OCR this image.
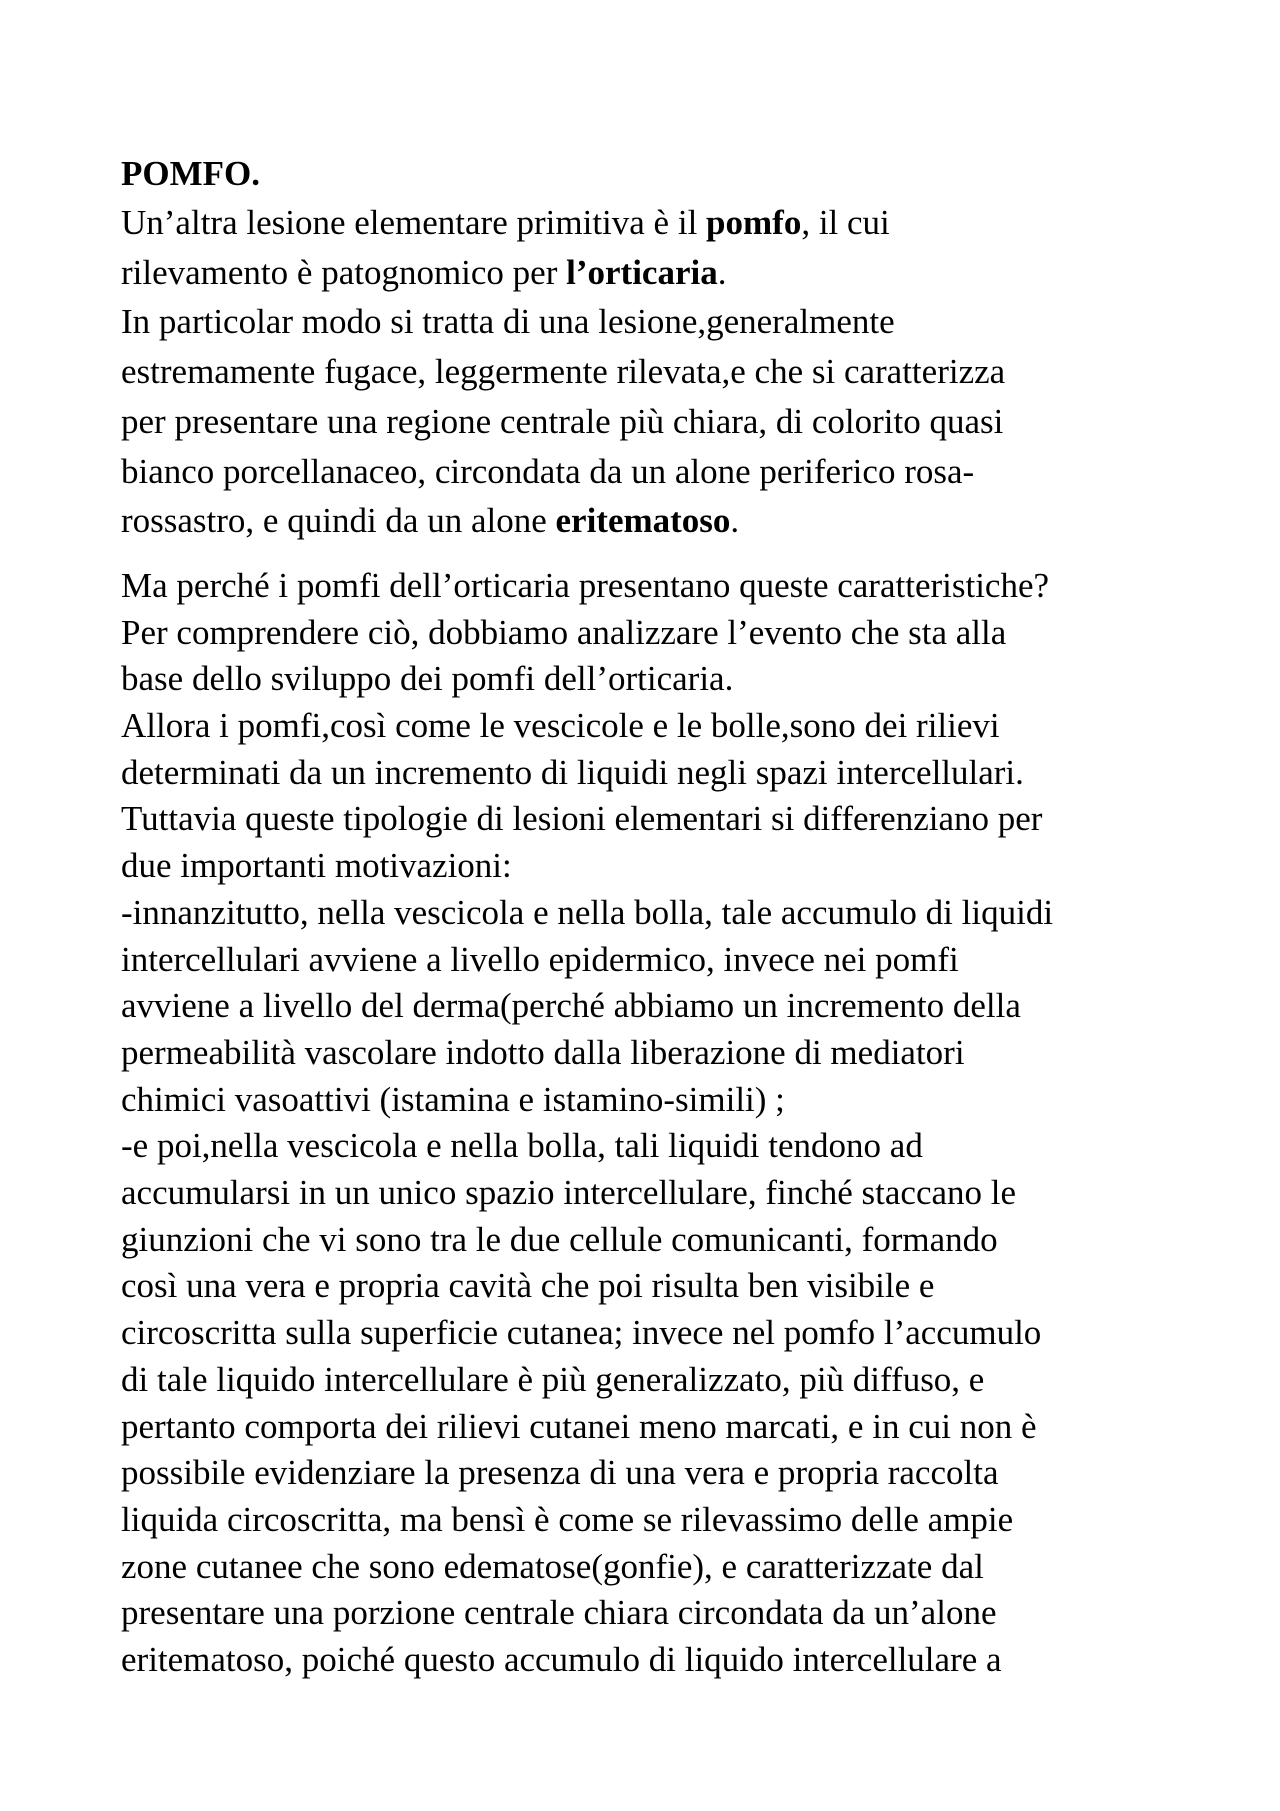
POMFO.
Un’altra lesione elementare primitiva è il pomfo, il cui
rilevamento è patognomico per l’orticaria.
In particolar modo si tratta di una lesione,generalmente
estremamente fugace, leggermente rilevata,e che si caratterizza
per presentare una regione centrale più chiara, di colorito quasi
bianco porcellanaceo, circondata da un alone periferico rosa-
rossastro, e quindi da un alone eritematoso.
Ma perché i pomfi dell’orticaria presentano queste caratteristiche?
Per comprendere ciò, dobbiamo analizzare l’evento che sta alla
base dello sviluppo dei pomfi dell’orticaria.
Allora i pomfi,così come le vescicole e le bolle,sono dei rilievi
determinati da un incremento di liquidi negli spazi intercellulari.
Tuttavia queste tipologie di lesioni elementari si differenziano per
due importanti motivazioni:
-innanzitutto, nella vescicola e nella bolla, tale accumulo di liquidi
intercellulari avviene a livello epidermico, invece nei pomfi
avviene a livello del derma(perché abbiamo un incremento della
permeabilità vascolare indotto dalla liberazione di mediatori
chimici vasoattivi (istamina e istamino-simili) ;
-e poi,nella vescicola e nella bolla, tali liquidi tendono ad
accumularsi in un unico spazio intercellulare, finché staccano le
giunzioni che vi sono tra le due cellule comunicanti, formando
così una vera e propria cavità che poi risulta ben visibile e
circoscritta sulla superficie cutanea; invece nel pomfo l’accumulo
di tale liquido intercellulare è più generalizzato, più diffuso, e
pertanto comporta dei rilievi cutanei meno marcati, e in cui non è
possibile evidenziare la presenza di una vera e propria raccolta
liquida circoscritta, ma bensì è come se rilevassimo delle ampie
zone cutanee che sono edematose(gonfie), e caratterizzate dal
presentare una porzione centrale chiara circondata da un’alone
eritematoso, poiché questo accumulo di liquido intercellulare a
